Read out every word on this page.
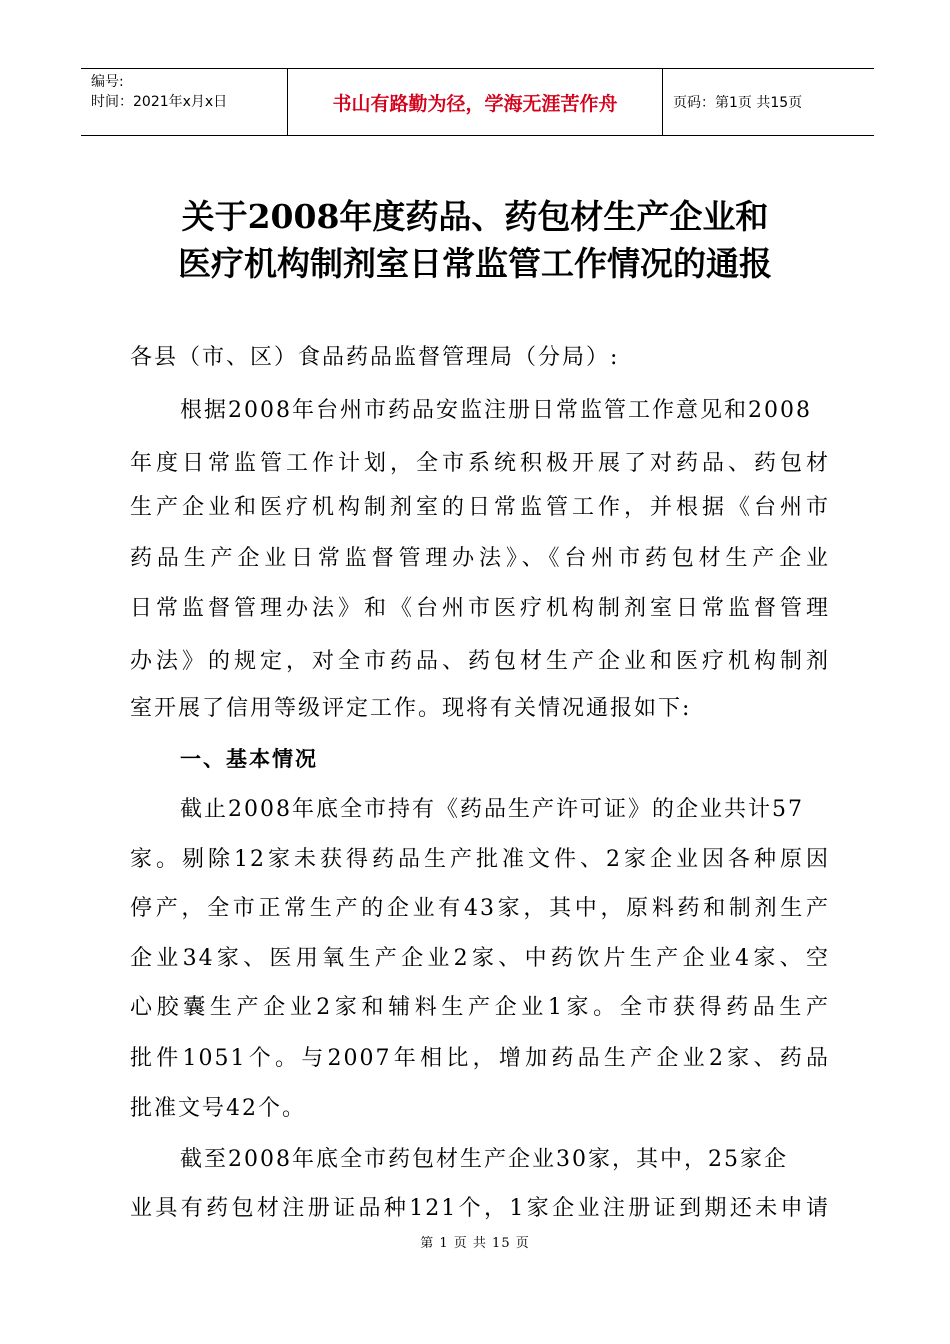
编号:
时间：2021年x月x日	书山有路勤为径，学海无涯苦作舟	页码：第1页 共15页
关于2008年度药品、药包材生产企业和
医疗机构制剂室日常监管工作情况的通报
各县（市、区）食品药品监督管理局（分局）:
根据2008年台州市药品安监注册日常监管工作意见和2008
年度日常监管工作计划，全市系统积极开展了对药品、药包材
生产企业和医疗机构制剂室的日常监管工作，并根据《台州市
药品生产企业日常监督管理办法》、《台州市药包材生产企业
日常监督管理办法》和《台州市医疗机构制剂室日常监督管理
办法》的规定，对全市药品、药包材生产企业和医疗机构制剂
室开展了信用等级评定工作。现将有关情况通报如下:
一、基本情况
截止2008年底全市持有《药品生产许可证》的企业共计57
家。剔除12家未获得药品生产批准文件、2家企业因各种原因
停产，全市正常生产的企业有43家，其中，原料药和制剂生产
企业34家、医用氧生产企业2家、中药饮片生产企业4家、空
心胶囊生产企业2家和辅料生产企业1家。全市获得药品生产
批件1051个。与2007年相比，增加药品生产企业2家、药品
批准文号42个。
截至2008年底全市药包材生产企业30家，其中，25家企
业具有药包材注册证品种121个，1家企业注册证到期还未申请
第 1 页 共 15 页
